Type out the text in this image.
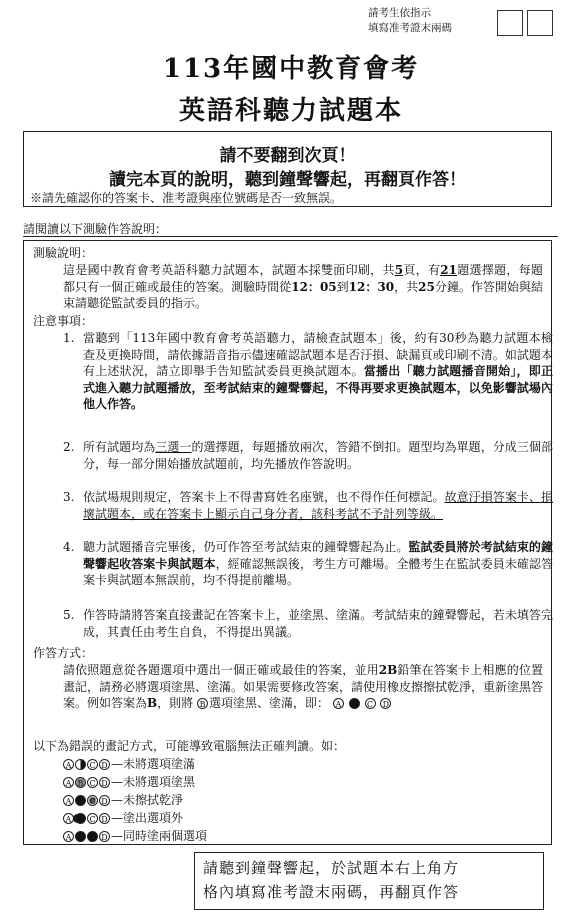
請考生依指示
填寫准考證末兩碼
113年國中教育會考
英語科聽力試題本
請不要翻到次頁！
讀完本頁的說明，聽到鐘聲響起，再翻頁作答！
※請先確認你的答案卡、准考證與座位號碼是否一致無誤。
請閱讀以下測驗作答說明：
測驗說明：
這是國中教育會考英語科聽力試題本，試題本採雙面印刷，共5頁，有21題選擇題，每題都只有一個正確或最佳的答案。測驗時間從12：05到12：30，共25分鐘。作答開始與結束請聽從監試委員的指示。
注意事項：
1. 當聽到「113年國中教育會考英語聽力，請檢查試題本」後，約有30秒為聽力試題本檢查及更換時間，請依據語音指示儘速確認試題本是否汙損、缺漏頁或印刷不清。如試題本有上述狀況，請立即舉手告知監試委員更換試題本。當播出「聽力試題播音開始」，即正式進入聽力試題播放，至考試結束的鐘聲響起，不得再要求更換試題本，以免影響試場內他人作答。
2. 所有試題均為三選一的選擇題，每題播放兩次，答錯不倒扣。題型均為單題，分成三個部分，每一部分開始播放試題前，均先播放作答說明。
3. 依試場規則規定，答案卡上不得書寫姓名座號，也不得作任何標記。故意汙損答案卡、損壞試題本，或在答案卡上顯示自己身分者，該科考試不予計列等級。
4. 聽力試題播音完畢後，仍可作答至考試結束的鐘聲響起為止。監試委員將於考試結束的鐘聲響起收答案卡與試題本，經確認無誤後，考生方可離場。全體考生在監試委員未確認答案卡與試題本無誤前，均不得提前離場。
5. 作答時請將答案直接畫記在答案卡上，並塗黑、塗滿。考試結束的鐘聲響起，若未填答完成，其責任由考生自負，不得提出異議。
作答方式：
請依照題意從各題選項中選出一個正確或最佳的答案，並用2B鉛筆在答案卡上相應的位置畫記，請務必將選項塗黑、塗滿。如果需要修改答案，請使用橡皮擦擦拭乾淨，重新塗黑答案。例如答案為B，則將 B 選項塗黑、塗滿，即： A	C D
以下為錯誤的畫記方式，可能導致電腦無法正確判讀。如：
A C D —未將選項塗滿
A B C D —未將選項塗黑
A C D —未擦拭乾淨
A C D —塗出選項外
A	D —同時塗兩個選項
請聽到鐘聲響起，於試題本右上角方
格內填寫准考證末兩碼，再翻頁作答
